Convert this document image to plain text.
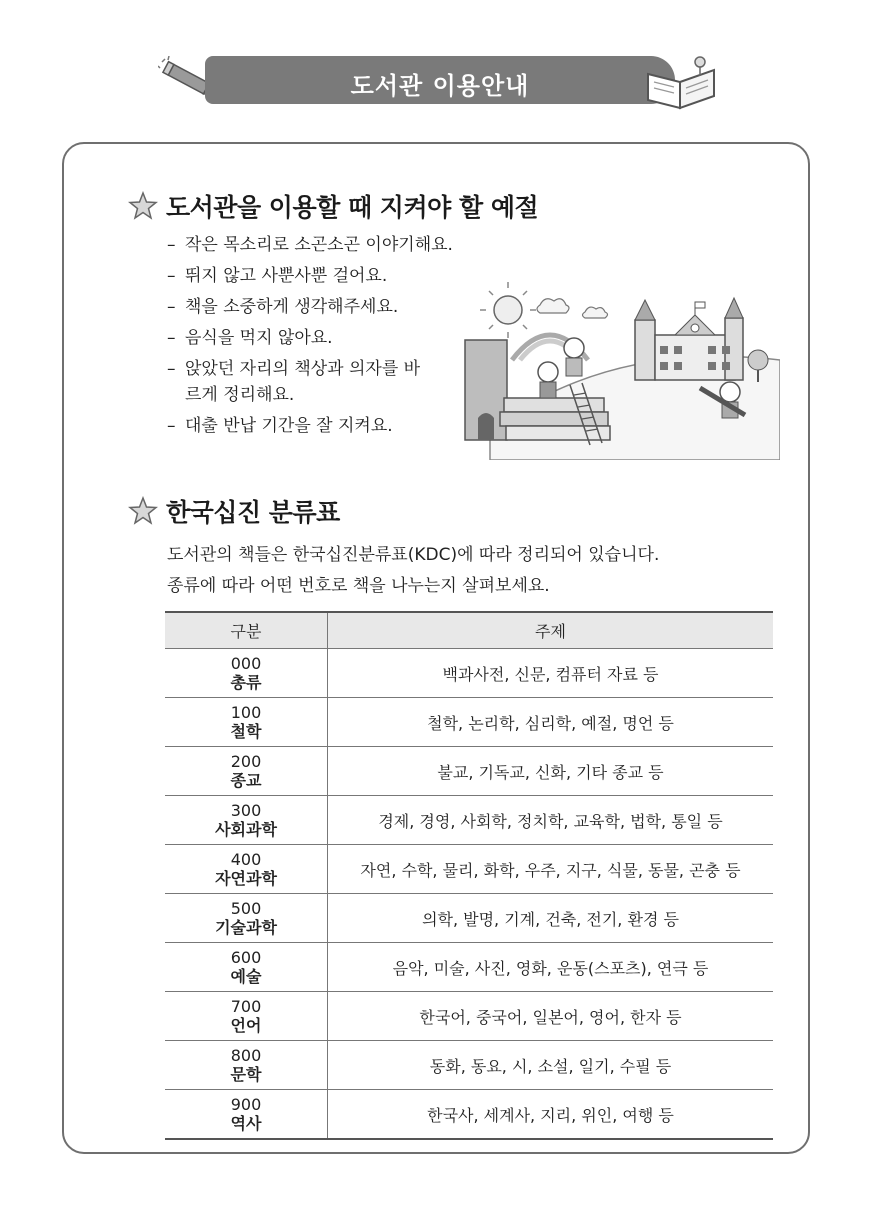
도서관 이용안내
도서관을 이용할 때 지켜야 할 예절
– 작은 목소리로 소곤소곤 이야기해요.
– 뛰지 않고 사뿐사뿐 걸어요.
– 책을 소중하게 생각해주세요.
– 음식을 먹지 않아요.
– 앉았던 자리의 책상과 의자를 바르게 정리해요.
– 대출 반납 기간을 잘 지켜요.
한국십진 분류표
도서관의 책들은 한국십진분류표(KDC)에 따라 정리되어 있습니다.
종류에 따라 어떤 번호로 책을 나누는지 살펴보세요.
구분	주제

000
총류	백과사전, 신문, 컴퓨터 자료 등

100
철학	철학, 논리학, 심리학, 예절, 명언 등

200
종교	불교, 기독교, 신화, 기타 종교 등

300
사회과학	경제, 경영, 사회학, 정치학, 교육학, 법학, 통일 등

400
자연과학	자연, 수학, 물리, 화학, 우주, 지구, 식물, 동물, 곤충 등

500
기술과학	의학, 발명, 기계, 건축, 전기, 환경 등

600
예술	음악, 미술, 사진, 영화, 운동(스포츠), 연극 등

700
언어	한국어, 중국어, 일본어, 영어, 한자 등

800
문학	동화, 동요, 시, 소설, 일기, 수필 등

900
역사	한국사, 세계사, 지리, 위인, 여행 등
